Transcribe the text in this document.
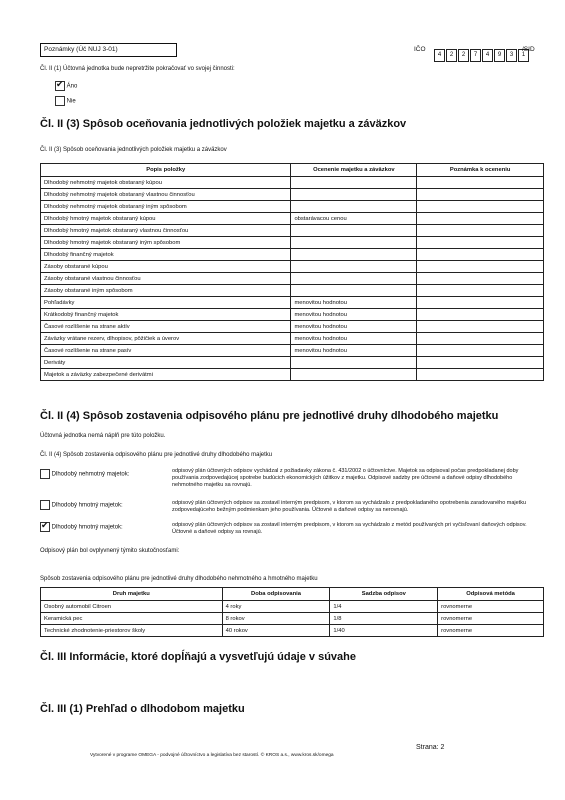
Poznámky (Úč NUJ 3-01)	IČO
4 2 2 7 4 9 3 1
/SID
Čl. II (1) Účtovná jednotka bude nepretržite pokračovať vo svojej činnosti:
✔ Áno
Nie
Čl. II (3) Spôsob oceňovania jednotlivých položiek majetku a záväzkov
Čl. II (3) Spôsob oceňovania jednotlivých položiek majetku a záväzkov
Popis položky	Ocenenie majetku a záväzkov	Poznámka k oceneniu
Dlhodobý nehmotný majetok obstaraný kúpou		
Dlhodobý nehmotný majetok obstaraný vlastnou činnosťou		
Dlhodobý nehmotný majetok obstaraný iným spôsobom		
Dlhodobý hmotný majetok obstaraný kúpou	obstarávacou cenou	
Dlhodobý hmotný majetok obstaraný vlastnou činnosťou		
Dlhodobý hmotný majetok obstaraný iným spôsobom		
Dlhodobý finančný majetok		
Zásoby obstarané kúpou		
Zásoby obstarané vlastnou činnosťou		
Zásoby obstarané iným spôsobom		
Pohľadávky	menovitou hodnotou	
Krátkodobý finančný majetok	menovitou hodnotou	
Časové rozlíšenie na strane aktív	menovitou hodnotou	
Záväzky vrátane rezerv, dlhopisov, pôžičiek a úverov	menovitou hodnotou	
Časové rozlíšenie na strane pasív	menovitou hodnotou	
Deriváty		
Majetok a záväzky zabezpečené derivátmi		
Čl. II (4) Spôsob zostavenia odpisového plánu pre jednotlivé druhy dlhodobého majetku
Účtovná jednotka nemá náplň pre túto položku.
Čl. II (4) Spôsob zostavenia odpisového plánu pre jednotlivé druhy dlhodobého majetku
Dlhodobý nehmotný majetok:
odpisový plán účtovných odpisov vychádzal z požiadavky zákona č. 431/2002 o účtovníctve. Majetok sa odpisoval počas predpokladanej doby používania zodpovedajúcej spotrebe budúcich ekonomických úžitkov z majetku. Odpisové sadzby pre účtovné a daňové odpisy dlhodobého nehmotného majetku sa rovnajú.
Dlhodobý hmotný majetok:	odpisový plán účtovných odpisov sa zostavil interným predpisom, v ktorom sa vychádzalo z predpokladaného opotrebenia zaradovaného majetku zodpovedajúceho bežným podmienkam jeho používania. Účtovné a daňové odpisy sa nerovnajú.
✔ Dlhodobý hmotný majetok:	odpisový plán účtovných odpisov sa zostavil interným predpisom, v ktorom sa vychádzalo z metód používaných pri vyčisľovaní daňových odpisov. Účtovné a daňové odpisy sa rovnajú.
Odpisový plán bol ovplyvnený týmito skutočnosťami:
Spôsob zostavenia odpisového plánu pre jednotlivé druhy dlhodobého nehmotného a hmotného majetku
Druh majetku	Doba odpisovania	Sadzba odpisov	Odpisová metóda
Osobný automobil Citroen	4 roky	1/4	rovnomerne
Keramická pec	8 rokov	1/8	rovnomerne
Technické zhodnotenie-priestorov školy	40 rokov	1/40	rovnomerne
Čl. III Informácie, ktoré dopĺňajú a vysvetľujú údaje v súvahe
Čl. III (1) Prehľad o dlhodobom majetku
Strana: 2
Vytvorené v programe OMEGA - podvojné účtovníctvo a legislatíva bez starostí. © KROS a.s., www.kros.sk/omega
